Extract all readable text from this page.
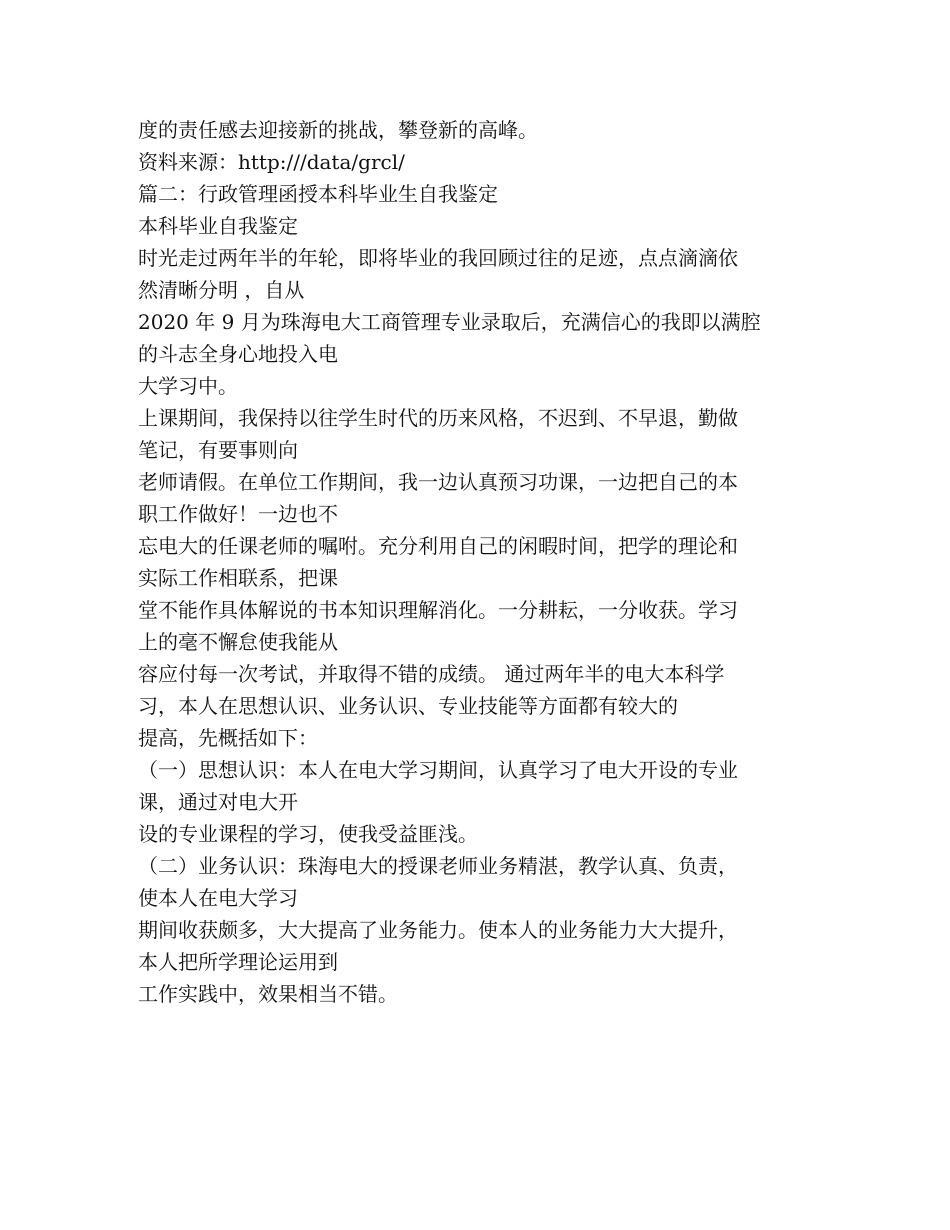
度的责任感去迎接新的挑战，攀登新的高峰。
资料来源：http:///data/grcl/
篇二：行政管理函授本科毕业生自我鉴定
本科毕业自我鉴定
时光走过两年半的年轮，即将毕业的我回顾过往的足迹，点点滴滴依
然清晰分明 ，自从
2020 年 9 月为珠海电大工商管理专业录取后，充满信心的我即以满腔
的斗志全身心地投入电
大学习中。
上课期间，我保持以往学生时代的历来风格，不迟到、不早退，勤做
笔记，有要事则向
老师请假。在单位工作期间，我一边认真预习功课，一边把自己的本
职工作做好！一边也不
忘电大的任课老师的嘱咐。充分利用自己的闲暇时间，把学的理论和
实际工作相联系，把课
堂不能作具体解说的书本知识理解消化。一分耕耘，一分收获。学习
上的毫不懈怠使我能从
容应付每一次考试，并取得不错的成绩。 通过两年半的电大本科学
习，本人在思想认识、业务认识、专业技能等方面都有较大的
提高，先概括如下：
（一）思想认识：本人在电大学习期间，认真学习了电大开设的专业
课，通过对电大开
设的专业课程的学习，使我受益匪浅。
（二）业务认识：珠海电大的授课老师业务精湛，教学认真、负责，
使本人在电大学习
期间收获颇多，大大提高了业务能力。使本人的业务能力大大提升，
本人把所学理论运用到
工作实践中，效果相当不错。
